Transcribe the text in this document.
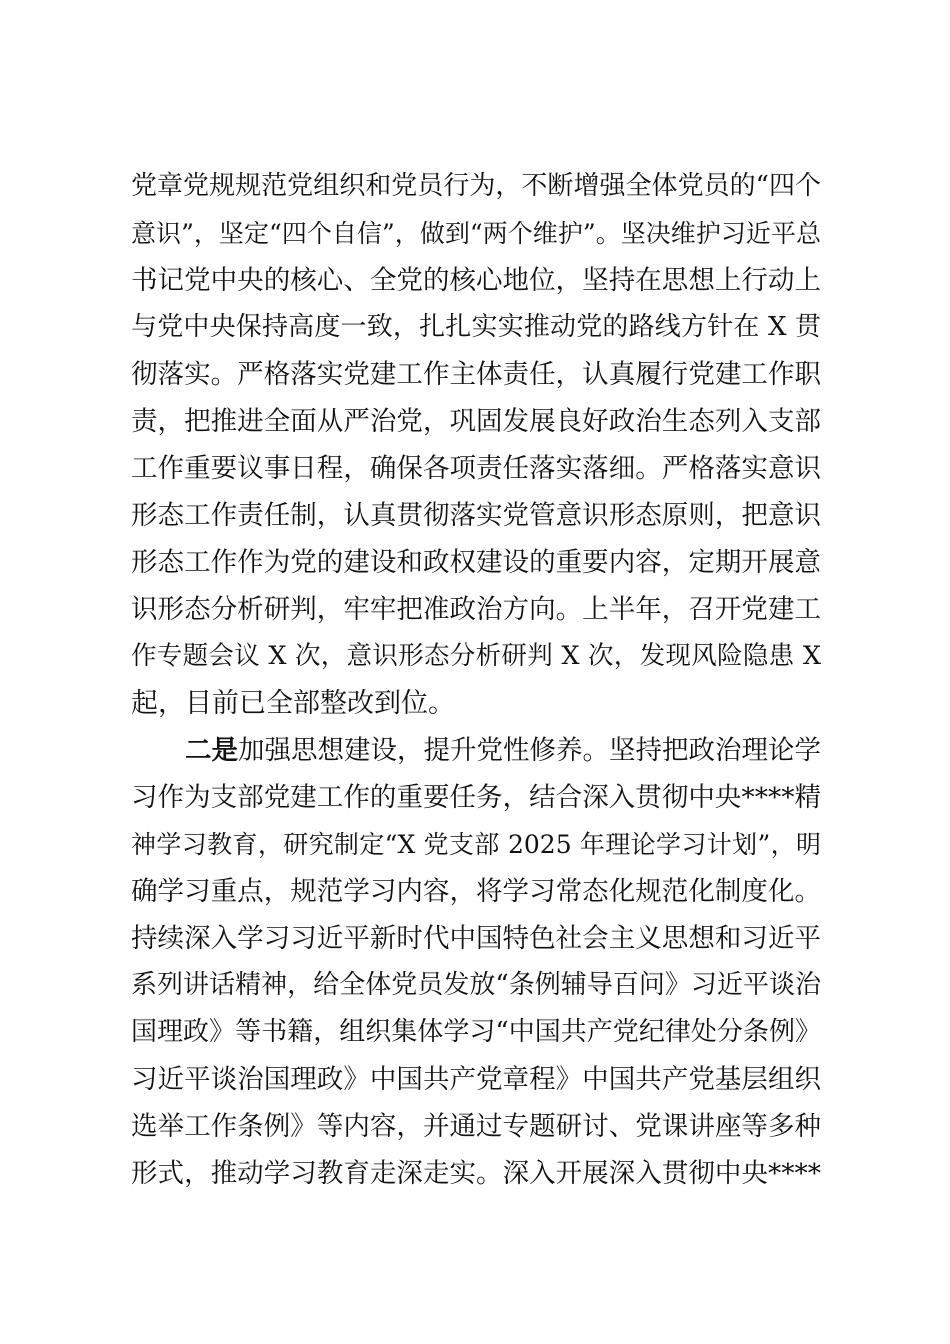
党章党规规范党组织和党员行为，不断增强全体党员的“四个
意识”，坚定“四个自信”，做到“两个维护”。坚决维护习近平总
书记党中央的核心、全党的核心地位，坚持在思想上行动上
与党中央保持高度一致，扎扎实实推动党的路线方针在 X 贯
彻落实。严格落实党建工作主体责任，认真履行党建工作职
责，把推进全面从严治党，巩固发展良好政治生态列入支部
工作重要议事日程，确保各项责任落实落细。严格落实意识
形态工作责任制，认真贯彻落实党管意识形态原则，把意识
形态工作作为党的建设和政权建设的重要内容，定期开展意
识形态分析研判，牢牢把准政治方向。上半年，召开党建工
作专题会议 X 次，意识形态分析研判 X 次，发现风险隐患 X
起，目前已全部整改到位。
二是加强思想建设，提升党性修养。坚持把政治理论学
习作为支部党建工作的重要任务，结合深入贯彻中央****精
神学习教育，研究制定“X 党支部 2025 年理论学习计划”，明
确学习重点，规范学习内容，将学习常态化规范化制度化。
持续深入学习习近平新时代中国特色社会主义思想和习近平
系列讲话精神，给全体党员发放“条例辅导百问》习近平谈治
国理政》等书籍，组织集体学习“中国共产党纪律处分条例》
习近平谈治国理政》中国共产党章程》中国共产党基层组织
选举工作条例》等内容，并通过专题研讨、党课讲座等多种
形式，推动学习教育走深走实。深入开展深入贯彻中央****
